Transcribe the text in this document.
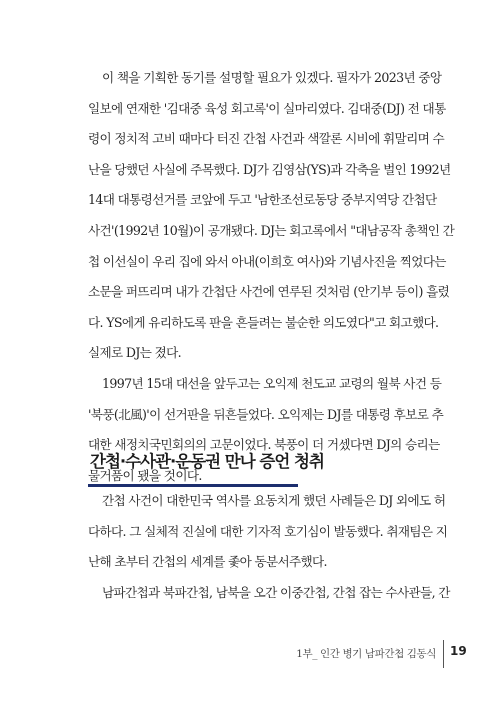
이 책을 기획한 동기를 설명할 필요가 있겠다. 필자가 2023년 중앙
일보에 연재한 '김대중 육성 회고록'이 실마리였다. 김대중(DJ) 전 대통
령이 정치적 고비 때마다 터진 간첩 사건과 색깔론 시비에 휘말리며 수
난을 당했던 사실에 주목했다. DJ가 김영삼(YS)과 각축을 벌인 1992년
14대 대통령선거를 코앞에 두고 '남한조선로동당 중부지역당 간첩단
사건'(1992년 10월)이 공개됐다. DJ는 회고록에서 "대남공작 총책인 간
첩 이선실이 우리 집에 와서 아내(이희호 여사)와 기념사진을 찍었다는
소문을 퍼뜨리며 내가 간첩단 사건에 연루된 것처럼 (안기부 등이) 흘렸
다. YS에게 유리하도록 판을 흔들려는 불순한 의도였다"고 회고했다.
실제로 DJ는 졌다.
1997년 15대 대선을 앞두고는 오익제 천도교 교령의 월북 사건 등
'북풍(北風)'이 선거판을 뒤흔들었다. 오익제는 DJ를 대통령 후보로 추
대한 새정치국민회의의 고문이었다. 북풍이 더 거셌다면 DJ의 승리는
물거품이 됐을 것이다.
간첩·수사관·운동권 만나 증언 청취
간첩 사건이 대한민국 역사를 요동치게 했던 사례들은 DJ 외에도 허
다하다. 그 실체적 진실에 대한 기자적 호기심이 발동했다. 취재팀은 지
난해 초부터 간첩의 세계를 좇아 동분서주했다.
남파간첩과 북파간첩, 남북을 오간 이중간첩, 간첩 잡는 수사관들, 간
1부_ 인간 병기 남파간첩 김동식 19
